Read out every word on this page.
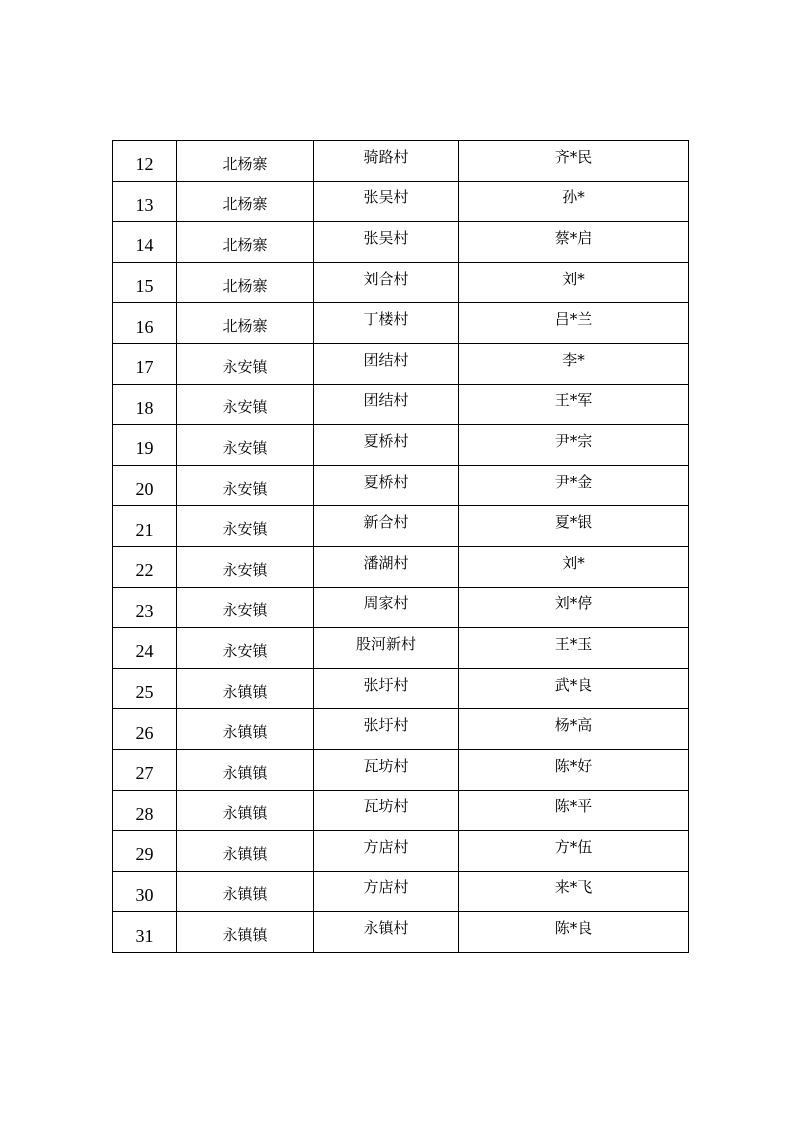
12	北杨寨	骑路村	齐*民
13	北杨寨	张吴村	孙*
14	北杨寨	张吴村	蔡*启
15	北杨寨	刘合村	刘*
16	北杨寨	丁楼村	吕*兰
17	永安镇	团结村	李*
18	永安镇	团结村	王*军
19	永安镇	夏桥村	尹*宗
20	永安镇	夏桥村	尹*金
21	永安镇	新合村	夏*银
22	永安镇	潘湖村	刘*
23	永安镇	周家村	刘*停
24	永安镇	股河新村	王*玉
25	永镇镇	张圩村	武*良
26	永镇镇	张圩村	杨*高
27	永镇镇	瓦坊村	陈*好
28	永镇镇	瓦坊村	陈*平
29	永镇镇	方店村	方*伍
30	永镇镇	方店村	来*飞
31	永镇镇	永镇村	陈*良
